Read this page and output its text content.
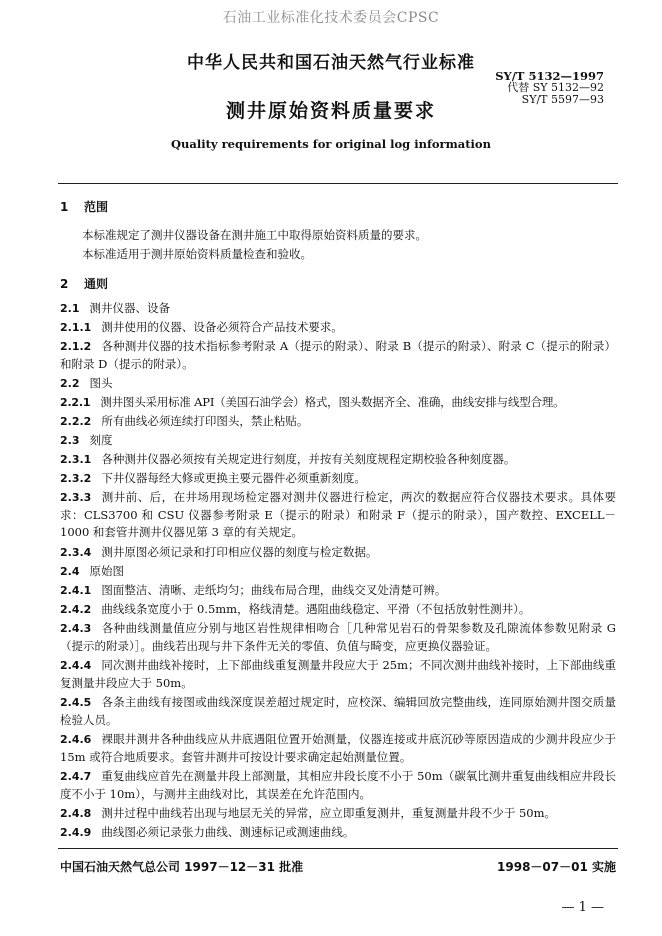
石油工业标准化技术委员会CPSC
中华人民共和国石油天然气行业标准
SY/T 5132—1997
代替 SY 5132—92
SY/T 5597—93
测井原始资料质量要求
Quality requirements for original log information
1 范围
本标准规定了测井仪器设备在测井施工中取得原始资料质量的要求。
本标准适用于测井原始资料质量检查和验收。
2 通则
2.1 测井仪器、设备
2.1.1 测井使用的仪器、设备必须符合产品技术要求。
2.1.2 各种测井仪器的技术指标参考附录 A（提示的附录）、附录 B（提示的附录）、附录 C（提示的附录）和附录 D（提示的附录）。
2.2 图头
2.2.1 测井图头采用标准 API（美国石油学会）格式，图头数据齐全、准确，曲线安排与线型合理。
2.2.2 所有曲线必须连续打印图头，禁止粘贴。
2.3 刻度
2.3.1 各种测井仪器必须按有关规定进行刻度，并按有关刻度规程定期校验各种刻度器。
2.3.2 下井仪器每经大修或更换主要元器件必须重新刻度。
2.3.3 测井前、后，在井场用现场检定器对测井仪器进行检定，两次的数据应符合仪器技术要求。具体要求：CLS3700 和 CSU 仪器参考附录 E（提示的附录）和附录 F（提示的附录），国产数控、EXCELL－1000 和套管井测井仪器见第 3 章的有关规定。
2.3.4 测井原图必须记录和打印相应仪器的刻度与检定数据。
2.4 原始图
2.4.1 图面整洁、清晰、走纸均匀；曲线布局合理，曲线交叉处清楚可辨。
2.4.2 曲线线条宽度小于 0.5mm，格线清楚。遇阻曲线稳定、平滑（不包括放射性测井）。
2.4.3 各种曲线测量值应分别与地区岩性规律相吻合［几种常见岩石的骨架参数及孔隙流体参数见附录 G（提示的附录）］。曲线若出现与井下条件无关的零值、负值与畸变，应更换仪器验证。
2.4.4 同次测井曲线补接时，上下部曲线重复测量井段应大于 25m；不同次测井曲线补接时，上下部曲线重复测量井段应大于 50m。
2.4.5 各条主曲线有接图或曲线深度误差超过规定时，应校深、编辑回放完整曲线，连同原始测井图交质量检验人员。
2.4.6 裸眼井测井各种曲线应从井底遇阻位置开始测量，仪器连接或井底沉砂等原因造成的少测井段应少于 15m 或符合地质要求。套管井测井可按设计要求确定起始测量位置。
2.4.7 重复曲线应首先在测量井段上部测量，其相应井段长度不小于 50m（碳氧比测井重复曲线相应井段长度不小于 10m），与测井主曲线对比，其误差在允许范围内。
2.4.8 测井过程中曲线若出现与地层无关的异常，应立即重复测井，重复测量井段不少于 50m。
2.4.9 曲线图必须记录张力曲线、测速标记或测速曲线。
中国石油天然气总公司 1997－12－31 批准	1998－07－01 实施
— 1 —
